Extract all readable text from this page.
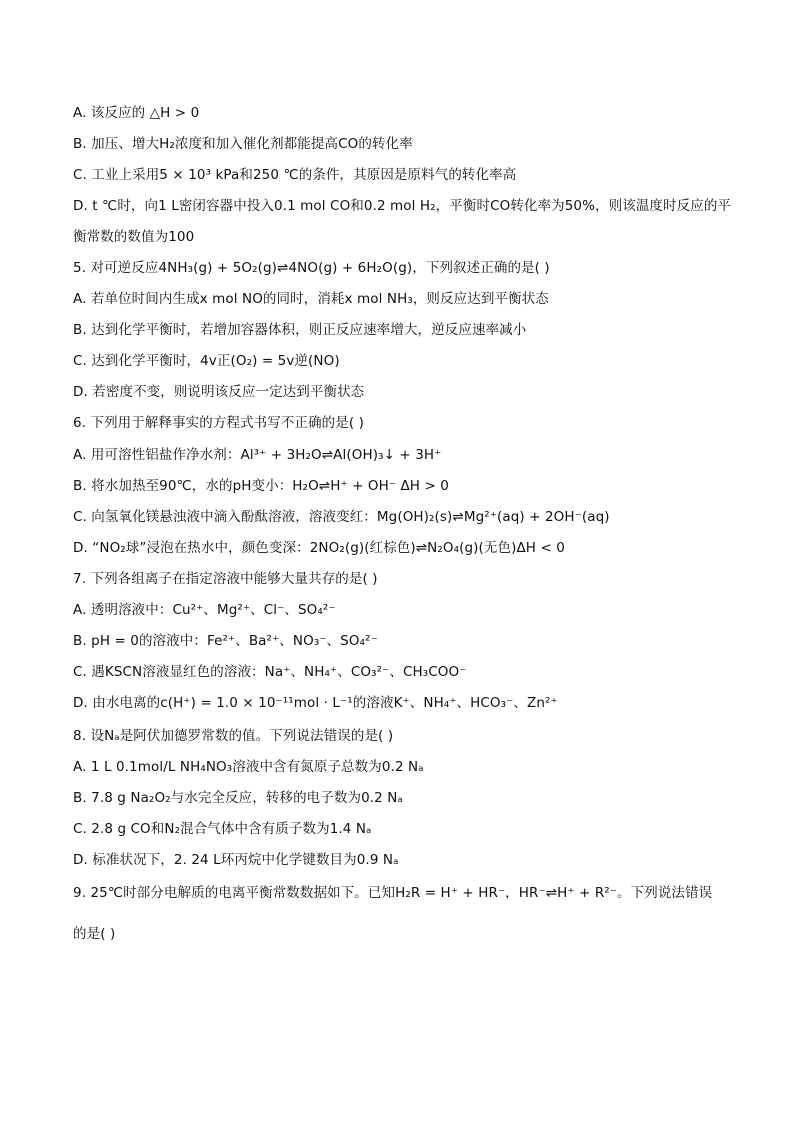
A. 该反应的 △H > 0
B. 加压、增大H₂浓度和加入催化剂都能提高CO的转化率
C. 工业上采用5 × 10³ kPa和250 ℃的条件，其原因是原料气的转化率高
D. t ℃时，向1 L密闭容器中投入0.1 mol CO和0.2 mol H₂，平衡时CO转化率为50%，则该温度时反应的平
衡常数的数值为100
5. 对可逆反应4NH₃(g) + 5O₂(g)⇌4NO(g) + 6H₂O(g)，下列叙述正确的是( )
A. 若单位时间内生成x mol NO的同时，消耗x mol NH₃，则反应达到平衡状态
B. 达到化学平衡时，若增加容器体积，则正反应速率增大，逆反应速率减小
C. 达到化学平衡时，4v正(O₂) = 5v逆(NO)
D. 若密度不变，则说明该反应一定达到平衡状态
6. 下列用于解释事实的方程式书写不正确的是( )
A. 用可溶性铝盐作净水剂：Al³⁺ + 3H₂O⇌Al(OH)₃↓ + 3H⁺
B. 将水加热至90℃，水的pH变小：H₂O⇌H⁺ + OH⁻ ΔH > 0
C. 向氢氧化镁悬浊液中滴入酚酞溶液，溶液变红：Mg(OH)₂(s)⇌Mg²⁺(aq) + 2OH⁻(aq)
D. “NO₂球”浸泡在热水中，颜色变深：2NO₂(g)(红棕色)⇌N₂O₄(g)(无色)ΔH < 0
7. 下列各组离子在指定溶液中能够大量共存的是( )
A. 透明溶液中：Cu²⁺、Mg²⁺、Cl⁻、SO₄²⁻
B. pH = 0的溶液中：Fe²⁺、Ba²⁺、NO₃⁻、SO₄²⁻
C. 遇KSCN溶液显红色的溶液：Na⁺、NH₄⁺、CO₃²⁻、CH₃COO⁻
D. 由水电离的c(H⁺) = 1.0 × 10⁻¹¹mol · L⁻¹的溶液K⁺、NH₄⁺、HCO₃⁻、Zn²⁺
8. 设Nₐ是阿伏加德罗常数的值。下列说法错误的是( )
A. 1 L 0.1mol/L NH₄NO₃溶液中含有氮原子总数为0.2 Nₐ
B. 7.8 g Na₂O₂与水完全反应，转移的电子数为0.2 Nₐ
C. 2.8 g CO和N₂混合气体中含有质子数为1.4 Nₐ
D. 标准状况下，2. 24 L环丙烷中化学键数目为0.9 Nₐ
9. 25℃时部分电解质的电离平衡常数数据如下。已知H₂R = H⁺ + HR⁻，HR⁻⇌H⁺ + R²⁻。下列说法错误
的是( )
